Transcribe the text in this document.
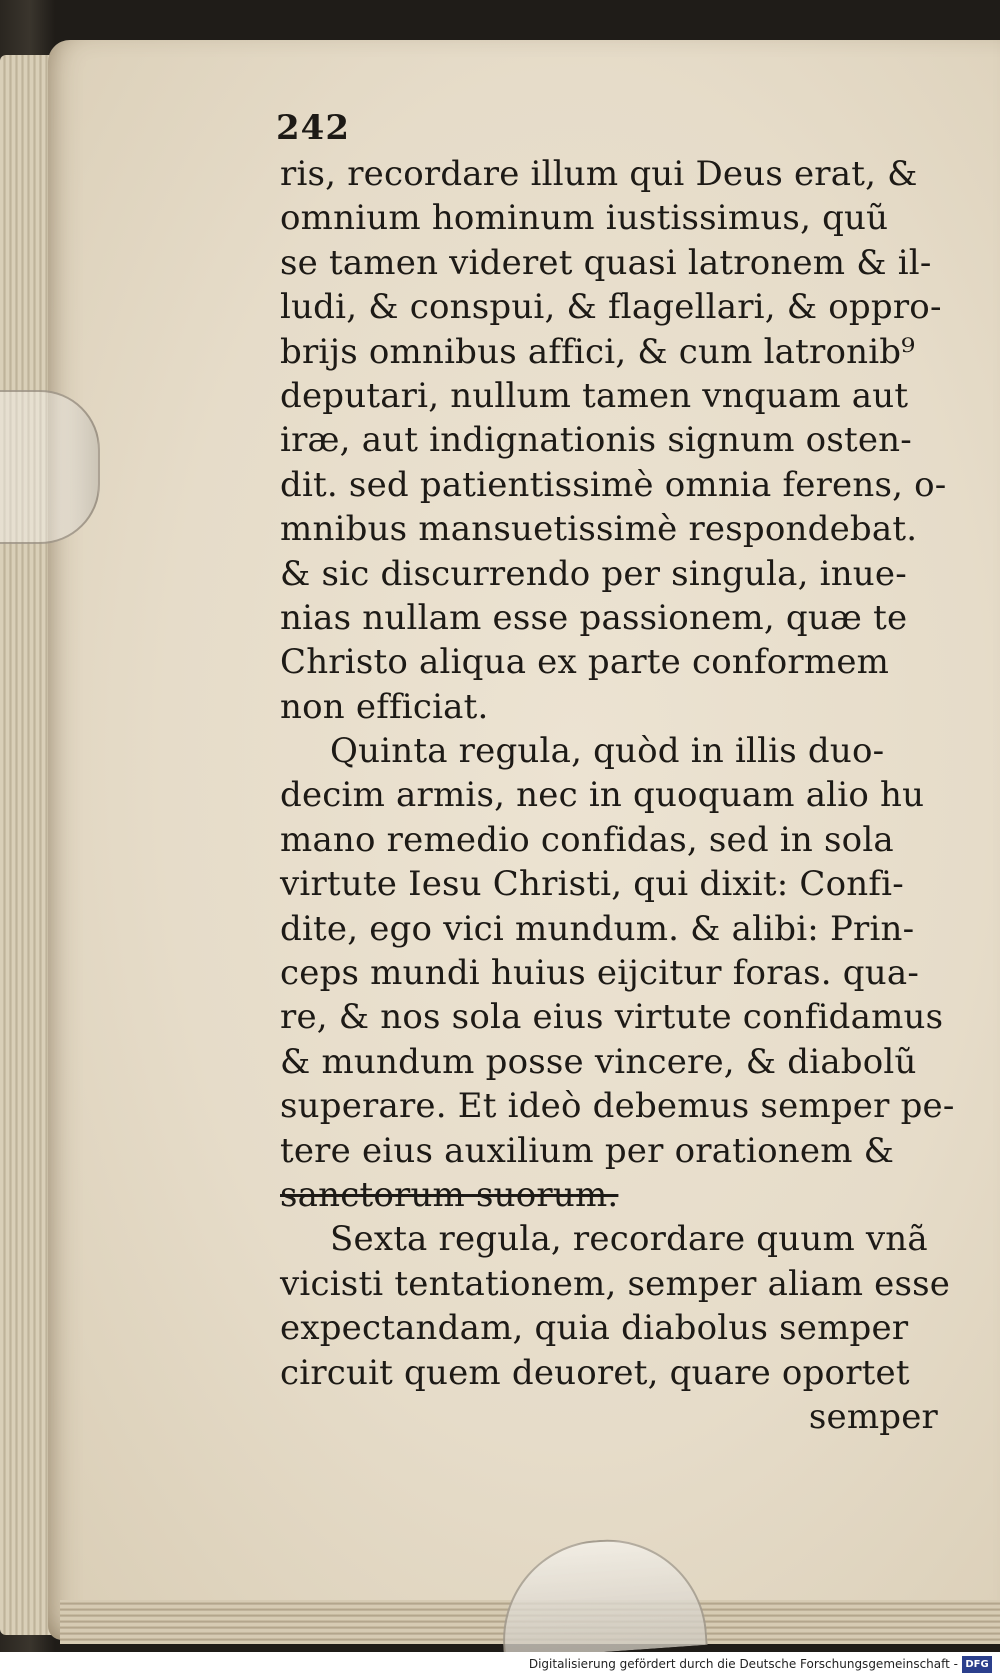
242
ris, recordare illum qui Deus erat, &
omnium hominum iustissimus, quũ
se tamen videret quasi latronem & il-
ludi, & conspui, & flagellari, & oppro-
brijs omnibus affici, & cum latronib⁹
deputari, nullum tamen vnquam aut
iræ, aut indignationis signum osten-
dit. sed patientissimè omnia ferens, o-
mnibus mansuetissimè respondebat.
& sic discurrendo per singula, inue-
nias nullam esse passionem, quæ te
Christo aliqua ex parte conformem
non efficiat.
Quinta regula, quòd in illis duo-
decim armis, nec in quoquam alio hu
mano remedio confidas, sed in sola
virtute Iesu Christi, qui dixit: Confi-
dite, ego vici mundum. & alibi: Prin-
ceps mundi huius eijcitur foras. qua-
re, & nos sola eius virtute confidamus
& mundum posse vincere, & diabolũ
superare. Et ideò debemus semper pe-
tere eius auxilium per orationem &
sanctorum suorum.
Sexta regula, recordare quum vnã
vicisti tentationem, semper aliam esse
expectandam, quia diabolus semper
circuit quem deuoret, quare oportet
semper
Digitalisierung gefördert durch die Deutsche Forschungsgemeinschaft - DFG
